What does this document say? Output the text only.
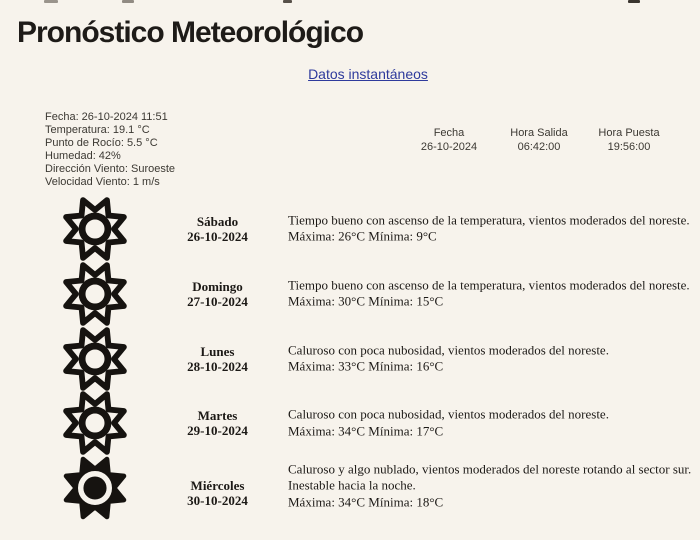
Pronóstico Meteorológico
Datos instantáneos
Fecha: 26-10-2024 11:51
Temperatura: 19.1 °C
Punto de Rocío: 5.5 °C
Humedad: 42%
Dirección Viento: Suroeste
Velocidad Viento: 1 m/s
Fecha
26-10-2024
Hora Salida
06:42:00
Hora Puesta
19:56:00
Sábado
26-10-2024
Tiempo bueno con ascenso de la temperatura, vientos moderados del noreste.
Máxima: 26°C Mínima: 9°C
Domingo
27-10-2024
Tiempo bueno con ascenso de la temperatura, vientos moderados del noreste.
Máxima: 30°C Mínima: 15°C
Lunes
28-10-2024
Caluroso con poca nubosidad, vientos moderados del noreste.
Máxima: 33°C Mínima: 16°C
Martes
29-10-2024
Caluroso con poca nubosidad, vientos moderados del noreste.
Máxima: 34°C Mínima: 17°C
Miércoles
30-10-2024
Caluroso y algo nublado, vientos moderados del noreste rotando al sector sur.
Inestable hacia la noche.
Máxima: 34°C Mínima: 18°C
